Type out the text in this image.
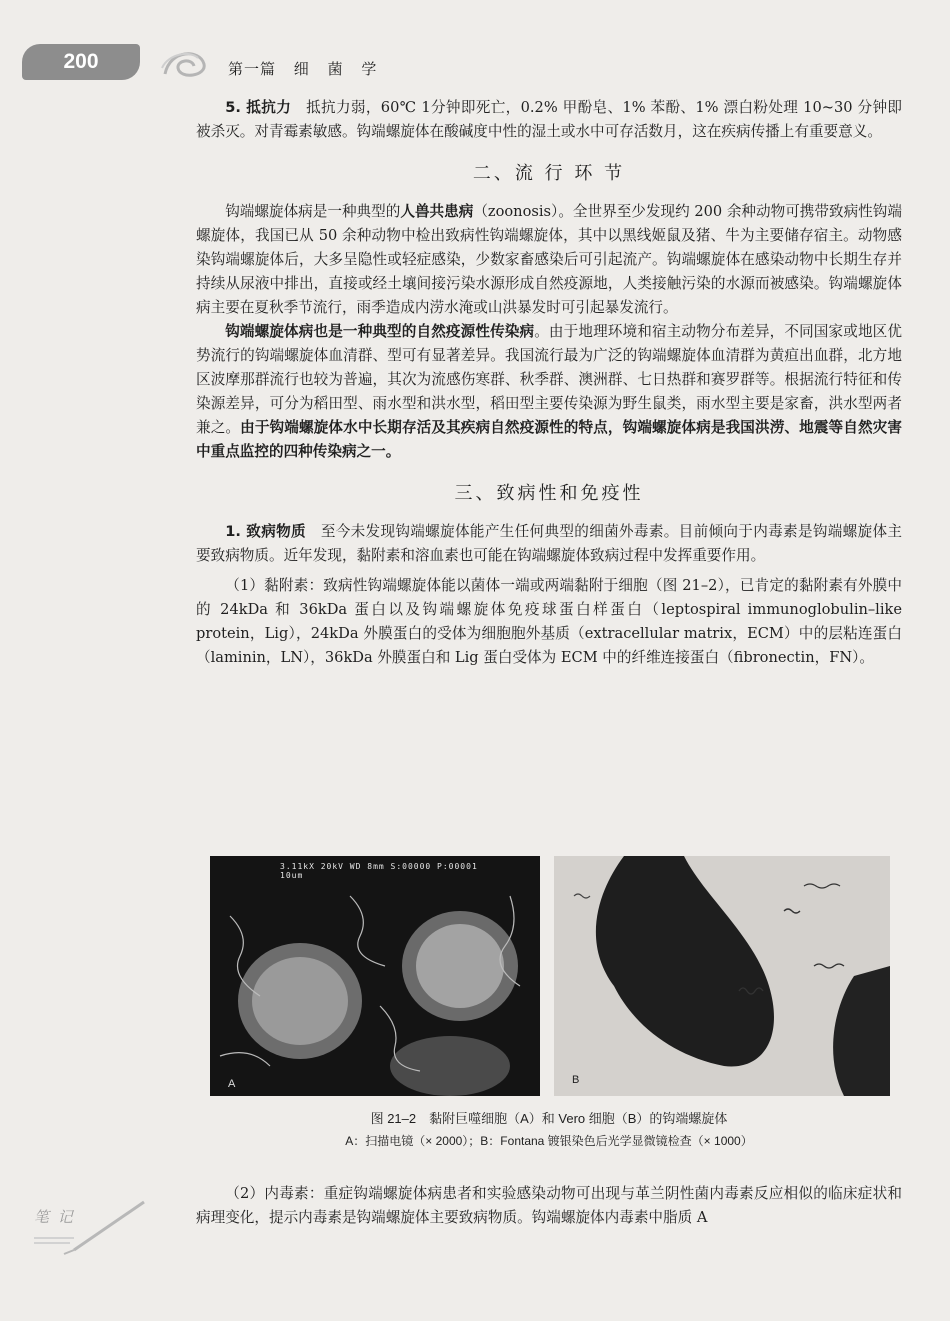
200	第一篇 细 菌 学

5. 抵抗力 抵抗力弱，60℃ 1分钟即死亡，0.2% 甲酚皂、1% 苯酚、1% 漂白粉处理 10~30 分钟即被杀灭。对青霉素敏感。钩端螺旋体在酸碱度中性的湿土或水中可存活数月，这在疾病传播上有重要意义。

二、流 行 环 节

钩端螺旋体病是一种典型的人兽共患病（zoonosis）。全世界至少发现约 200 余种动物可携带致病性钩端螺旋体，我国已从 50 余种动物中检出致病性钩端螺旋体，其中以黑线姬鼠及猪、牛为主要储存宿主。动物感染钩端螺旋体后，大多呈隐性或轻症感染，少数家畜感染后可引起流产。钩端螺旋体在感染动物中长期生存并持续从尿液中排出，直接或经土壤间接污染水源形成自然疫源地，人类接触污染的水源而被感染。钩端螺旋体病主要在夏秋季节流行，雨季造成内涝水淹或山洪暴发时可引起暴发流行。

钩端螺旋体病也是一种典型的自然疫源性传染病。由于地理环境和宿主动物分布差异，不同国家或地区优势流行的钩端螺旋体血清群、型可有显著差异。我国流行最为广泛的钩端螺旋体血清群为黄疸出血群，北方地区波摩那群流行也较为普遍，其次为流感伤寒群、秋季群、澳洲群、七日热群和赛罗群等。根据流行特征和传染源差异，可分为稻田型、雨水型和洪水型，稻田型主要传染源为野生鼠类，雨水型主要是家畜，洪水型两者兼之。由于钩端螺旋体水中长期存活及其疾病自然疫源性的特点，钩端螺旋体病是我国洪涝、地震等自然灾害中重点监控的四种传染病之一。

三、致病性和免疫性

1. 致病物质 至今未发现钩端螺旋体能产生任何典型的细菌外毒素。目前倾向于内毒素是钩端螺旋体主要致病物质。近年发现，黏附素和溶血素也可能在钩端螺旋体致病过程中发挥重要作用。

（1）黏附素：致病性钩端螺旋体能以菌体一端或两端黏附于细胞（图 21–2），已肯定的黏附素有外膜中的 24kDa 和 36kDa 蛋白以及钩端螺旋体免疫球蛋白样蛋白（leptospiral immunoglobulin–like protein，Lig），24kDa 外膜蛋白的受体为细胞胞外基质（extracellular matrix，ECM）中的层粘连蛋白（laminin，LN），36kDa 外膜蛋白和 Lig 蛋白受体为 ECM 中的纤维连接蛋白（fibronectin，FN）。

3.11kX 20kV WD 8mm S:00000 P:00001
10um
A	B
图 21–2　黏附巨噬细胞（A）和 Vero 细胞（B）的钩端螺旋体
A：扫描电镜（× 2000）；B：Fontana 镀银染色后光学显微镜检查（× 1000）
笔 记

（2）内毒素：重症钩端螺旋体病患者和实验感染动物可出现与革兰阴性菌内毒素反应相似的临床症状和病理变化，提示内毒素是钩端螺旋体主要致病物质。钩端螺旋体内毒素中脂质 A
